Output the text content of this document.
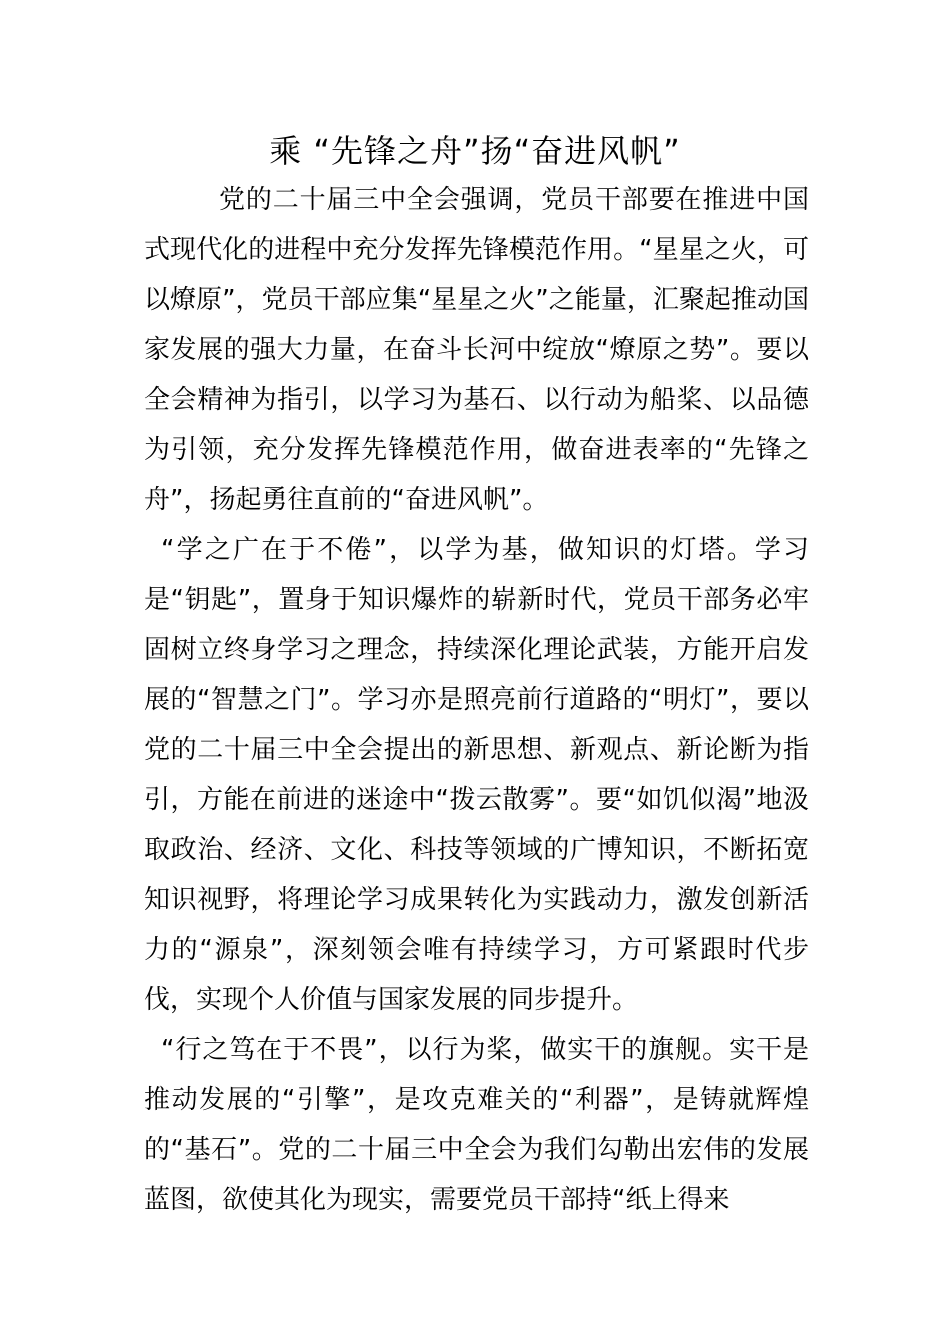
乘 “先锋之舟”扬“奋进风帆”

党的二十届三中全会强调，党员干部要在推进中国式现代化的进程中充分发挥先锋模范作用。“星星之火，可以燎原”，党员干部应集“星星之火”之能量，汇聚起推动国家发展的强大力量，在奋斗长河中绽放“燎原之势”。要以全会精神为指引，以学习为基石、以行动为船桨、以品德为引领，充分发挥先锋模范作用，做奋进表率的“先锋之舟”，扬起勇往直前的“奋进风帆”。

“学之广在于不倦”，以学为基，做知识的灯塔。学习是“钥匙”，置身于知识爆炸的崭新时代，党员干部务必牢固树立终身学习之理念，持续深化理论武装，方能开启发展的“智慧之门”。学习亦是照亮前行道路的“明灯”，要以党的二十届三中全会提出的新思想、新观点、新论断为指引，方能在前进的迷途中“拨云散雾”。要“如饥似渴”地汲取政治、经济、文化、科技等领域的广博知识，不断拓宽知识视野，将理论学习成果转化为实践动力，激发创新活力的“源泉”，深刻领会唯有持续学习，方可紧跟时代步伐，实现个人价值与国家发展的同步提升。

“行之笃在于不畏”，以行为桨，做实干的旗舰。实干是推动发展的“引擎”，是攻克难关的“利器”，是铸就辉煌的“基石”。党的二十届三中全会为我们勾勒出宏伟的发展蓝图，欲使其化为现实，需要党员干部持“纸上得来
